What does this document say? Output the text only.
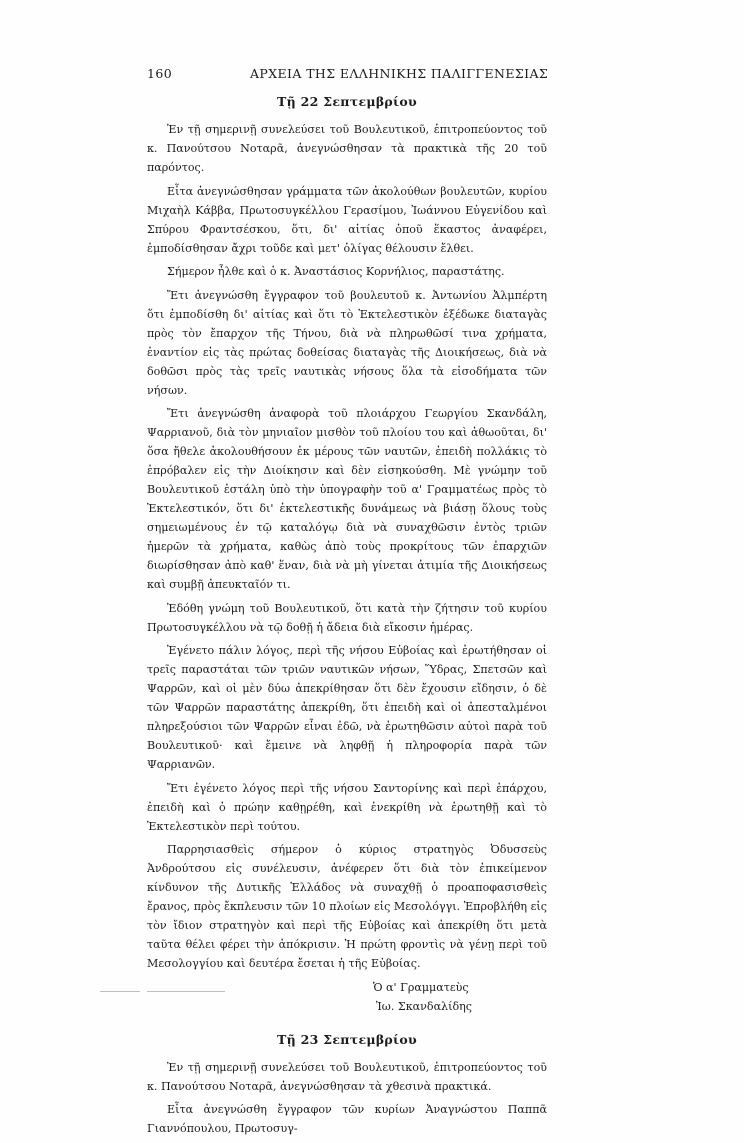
160	ΑΡΧΕΙΑ ΤΗΣ ΕΛΛΗΝΙΚΗΣ ΠΑΛΙΓΓΕΝΕΣΙΑΣ
Τῇ 22 Σεπτεμβρίου

Ἐν τῇ σημερινῇ συνελεύσει τοῦ Βουλευτικοῦ, ἐπιτροπεύοντος τοῦ κ. Πανούτσου Νοταρᾶ, ἀνεγνώσθησαν τὰ πρακτικὰ τῆς 20 τοῦ παρόντος.

Εἶτα ἀνεγνώσθησαν γράμματα τῶν ἀκολούθων βουλευτῶν, κυρίου Μιχαὴλ Κάββα, Πρωτοσυγκέλλου Γερασίμου, Ἰωάννου Εὐγενίδου καὶ Σπύρου Φραντσέσκου, ὅτι, δι' αἰτίας ὁποῦ ἕκαστος ἀναφέρει, ἐμποδίσθησαν ἄχρι τοῦδε καὶ μετ' ὀλίγας θέλουσιν ἔλθει.

Σήμερον ἦλθε καὶ ὁ κ. Ἀναστάσιος Κορνήλιος, παραστάτης.

Ἔτι ἀνεγνώσθη ἔγγραφον τοῦ βουλευτοῦ κ. Ἀντωνίου Ἀλμπέρτη ὅτι ἐμποδίσθη δι' αἰτίας καὶ ὅτι τὸ Ἐκτελεστικὸν ἐξέδωκε διαταγὰς πρὸς τὸν ἔπαρχον τῆς Τήνου, διὰ νὰ πληρωθῶσί τινα χρήματα, ἐναντίον εἰς τὰς πρώτας δοθείσας διαταγὰς τῆς Διοικήσεως, διὰ νὰ δοθῶσι πρὸς τὰς τρεῖς ναυτικὰς νήσους ὅλα τὰ εἰσοδήματα τῶν νήσων.

Ἔτι ἀνεγνώσθη ἀναφορὰ τοῦ πλοιάρχου Γεωργίου Σκανδάλη, Ψαρριανοῦ, διὰ τὸν μηνιαῖον μισθὸν τοῦ πλοίου του καὶ ἀθωοῦται, δι' ὅσα ἤθελε ἀκολουθήσουν ἐκ μέρους τῶν ναυτῶν, ἐπειδὴ πολλάκις τὸ ἐπρόβαλεν εἰς τὴν Διοίκησιν καὶ δὲν εἰσηκούσθη. Μὲ γνώμην τοῦ Βουλευτικοῦ ἐστάλη ὑπὸ τὴν ὑπογραφὴν τοῦ α' Γραμματέως πρὸς τὸ Ἐκτελεστικόν, ὅτι δι' ἐκτελεστικῆς δυνάμεως νὰ βιάσῃ ὅλους τοὺς σημειωμένους ἐν τῷ καταλόγῳ διὰ νὰ συναχθῶσιν ἐντὸς τριῶν ἡμερῶν τὰ χρήματα, καθὼς ἀπὸ τοὺς προκρίτους τῶν ἐπαρχιῶν διωρίσθησαν ἀπὸ καθ' ἕναν, διὰ νὰ μὴ γίνεται ἀτιμία τῆς Διοικήσεως καὶ συμβῇ ἀπευκταῖόν τι.

Ἐδόθη γνώμη τοῦ Βουλευτικοῦ, ὅτι κατὰ τὴν ζήτησιν τοῦ κυρίου Πρωτοσυγκέλλου νὰ τῷ δοθῇ ἡ ἄδεια διὰ εἴκοσιν ἡμέρας.

Ἐγένετο πάλιν λόγος, περὶ τῆς νήσου Εὐβοίας καὶ ἐρωτήθησαν οἱ τρεῖς παραστάται τῶν τριῶν ναυτικῶν νήσων, Ὕδρας, Σπετσῶν καὶ Ψαρρῶν, καὶ οἱ μὲν δύω ἀπεκρίθησαν ὅτι δὲν ἔχουσιν εἴδησιν, ὁ δὲ τῶν Ψαρρῶν παραστάτης ἀπεκρίθη, ὅτι ἐπειδὴ καὶ οἱ ἀπεσταλμένοι πληρεξούσιοι τῶν Ψαρρῶν εἶναι ἐδῶ, νὰ ἐρωτηθῶσιν αὐτοὶ παρὰ τοῦ Βουλευτικοῦ· καὶ ἔμεινε νὰ ληφθῇ ἡ πληροφορία παρὰ τῶν Ψαρριανῶν.

Ἔτι ἐγένετο λόγος περὶ τῆς νήσου Σαντορίνης καὶ περὶ ἐπάρχου, ἐπειδὴ καὶ ὁ πρώην καθῃρέθη, καὶ ἐνεκρίθη νὰ ἐρωτηθῇ καὶ τὸ Ἐκτελεστικὸν περὶ τούτου.

Παρρησιασθεὶς σήμερον ὁ κύριος στρατηγὸς Ὀδυσσεὺς Ἀνδρούτσου εἰς συνέλευσιν, ἀνέφερεν ὅτι διὰ τὸν ἐπικείμενον κίνδυνον τῆς Δυτικῆς Ἑλλάδος νὰ συναχθῇ ὁ προαποφασισθεὶς ἔρανος, πρὸς ἔκπλευσιν τῶν 10 πλοίων εἰς Μεσολόγγι. Ἐπροβλήθη εἰς τὸν ἴδιον στρατηγὸν καὶ περὶ τῆς Εὐβοίας καὶ ἀπεκρίθη ὅτι μετὰ ταῦτα θέλει φέρει τὴν ἀπόκρισιν. Ἡ πρώτη φροντὶς νὰ γένῃ περὶ τοῦ Μεσολογγίου καὶ δευτέρα ἔσεται ἡ τῆς Εὐβοίας.

Ὁ α' Γραμματεὺς
Ἰω. Σκανδαλίδης
Τῇ 23 Σεπτεμβρίου

Ἐν τῇ σημερινῇ συνελεύσει τοῦ Βουλευτικοῦ, ἐπιτροπεύοντος τοῦ κ. Πανούτσου Νοταρᾶ, ἀνεγνώσθησαν τὰ χθεσινὰ πρακτικά.

Εἶτα ἀνεγνώσθη ἔγγραφον τῶν κυρίων Ἀναγνώστου Παππᾶ Γιαννόπουλου, Πρωτοσυγ-
